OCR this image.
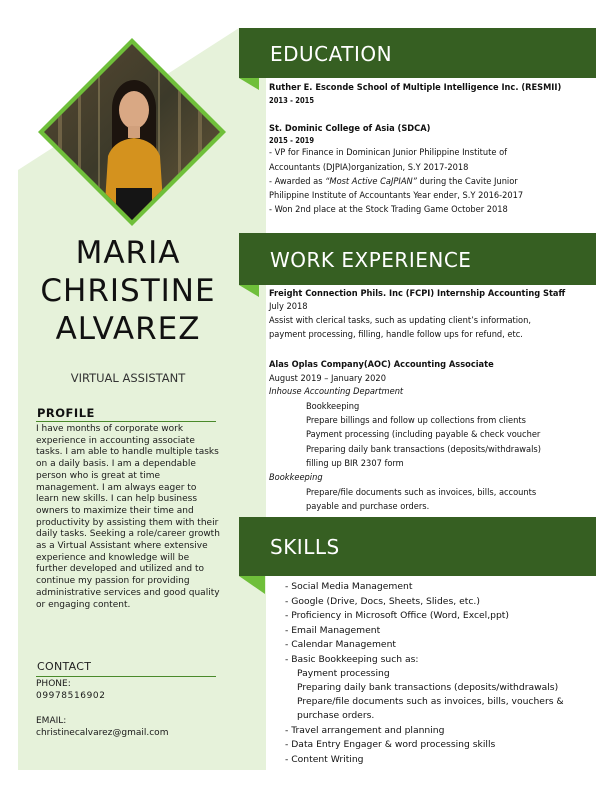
MARIA
CHRISTINE
ALVAREZ
VIRTUAL ASSISTANT
PROFILE
I have months of corporate work experience in accounting associate tasks. I am able to handle multiple tasks on a daily basis. I am a dependable person who is great at time management. I am always eager to learn new skills. I can help business owners to maximize their time and productivity by assisting them with their daily tasks. Seeking a role/career growth as a Virtual Assistant where extensive experience and knowledge will be further developed and utilized and to continue my passion for providing administrative services and good quality or engaging content.
CONTACT
PHONE:
09978516902
EMAIL:
christinecalvarez@gmail.com
EDUCATION
Ruther E. Esconde School of Multiple Intelligence Inc. (RESMII)
2013 - 2015
St. Dominic College of Asia (SDCA)
2015 - 2019
- VP for Finance in Dominican Junior Philippine Institute of
Accountants (DJPIA)organization, S.Y 2017-2018
- Awarded as “Most Active CaJPIAN” during the Cavite Junior
Philippine Institute of Accountants Year ender, S.Y 2016-2017
- Won 2nd place at the Stock Trading Game October 2018
WORK EXPERIENCE
Freight Connection Phils. Inc (FCPI) Internship Accounting Staff
July 2018
Assist with clerical tasks, such as updating client’s information,
payment processing, filling, handle follow ups for refund, etc.
Alas Oplas Company(AOC) Accounting Associate
August 2019 – January 2020
Inhouse Accounting Department
Bookkeeping
Prepare billings and follow up collections from clients
Payment processing (including payable & check voucher
Preparing daily bank transactions (deposits/withdrawals)
filling up BIR 2307 form
Bookkeeping
Prepare/file documents such as invoices, bills, accounts
payable and purchase orders.
SKILLS
- Social Media Management
- Google (Drive, Docs, Sheets, Slides, etc.)
- Proficiency in Microsoft Office (Word, Excel,ppt)
- Email Management
- Calendar Management
- Basic Bookkeeping such as:
Payment processing
Preparing daily bank transactions (deposits/withdrawals)
Prepare/file documents such as invoices, bills, vouchers &
purchase orders.
- Travel arrangement and planning
- Data Entry Engager & word processing skills
- Content Writing
